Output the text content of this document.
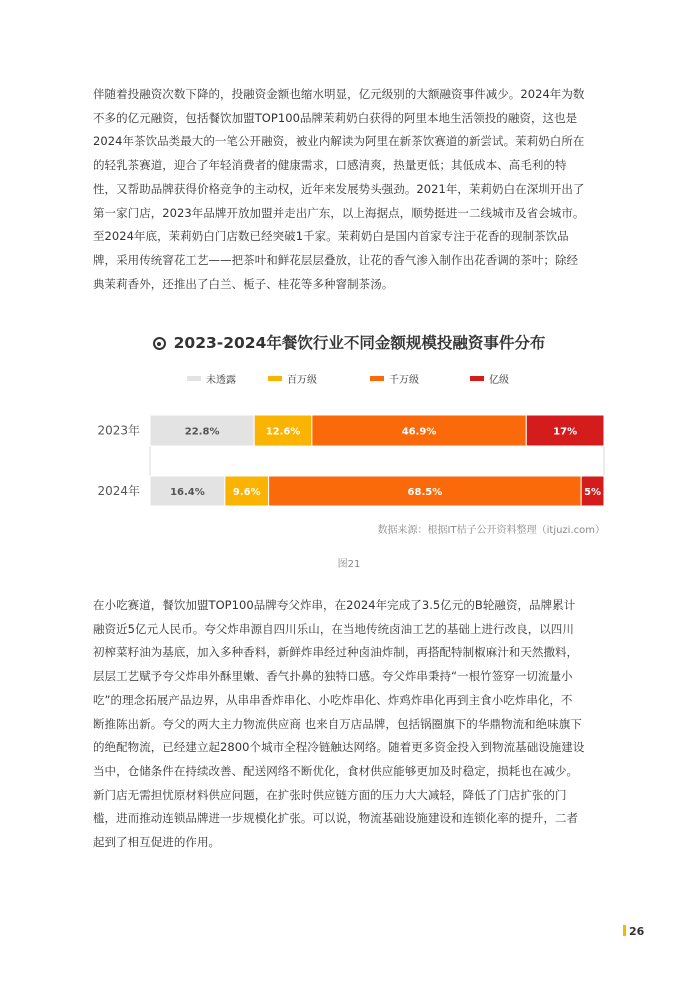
伴随着投融资次数下降的，投融资金额也缩水明显，亿元级别的大额融资事件减少。2024年为数
不多的亿元融资，包括餐饮加盟TOP100品牌茉莉奶白获得的阿里本地生活领投的融资，这也是
2024年茶饮品类最大的一笔公开融资，被业内解读为阿里在新茶饮赛道的新尝试。茉莉奶白所在
的轻乳茶赛道，迎合了年轻消费者的健康需求，口感清爽，热量更低；其低成本、高毛利的特
性，又帮助品牌获得价格竞争的主动权，近年来发展势头强劲。2021年，茉莉奶白在深圳开出了
第一家门店，2023年品牌开放加盟并走出广东，以上海据点，顺势挺进一二线城市及省会城市。
至2024年底，茉莉奶白门店数已经突破1千家。茉莉奶白是国内首家专注于花香的现制茶饮品
牌，采用传统窨花工艺——把茶叶和鲜花层层叠放，让花的香气渗入制作出花香调的茶叶；除经
典茉莉香外，还推出了白兰、栀子、桂花等多种窨制茶汤。
2023-2024年餐饮行业不同金额规模投融资事件分布
未透露	百万级	千万级	亿级
2023年	22.8%	12.6%	46.9%	17%
2024年	16.4%	9.6%	68.5%	5%
数据来源：根据IT桔子公开资料整理（itjuzi.com）
图21
在小吃赛道，餐饮加盟TOP100品牌夸父炸串，在2024年完成了3.5亿元的B轮融资，品牌累计
融资近5亿元人民币。夸父炸串源自四川乐山，在当地传统卤油工艺的基础上进行改良，以四川
初榨菜籽油为基底，加入多种香料，新鲜炸串经过种卤油炸制，再搭配特制椒麻汁和天然撒料，
层层工艺赋予夸父炸串外酥里嫩、香气扑鼻的独特口感。夸父炸串秉持“一根竹签穿一切流量小
吃”的理念拓展产品边界，从串串香炸串化、小吃炸串化、炸鸡炸串化再到主食小吃炸串化，不
断推陈出新。夸父的两大主力物流供应商 也来自万店品牌，包括锅圈旗下的华鼎物流和绝味旗下
的绝配物流，已经建立起2800个城市全程冷链触达网络。随着更多资金投入到物流基础设施建设
当中，仓储条件在持续改善、配送网络不断优化，食材供应能够更加及时稳定，损耗也在减少。
新门店无需担忧原材料供应问题，在扩张时供应链方面的压力大大减轻，降低了门店扩张的门
槛，进而推动连锁品牌进一步规模化扩张。可以说，物流基础设施建设和连锁化率的提升，二者
起到了相互促进的作用。
26
